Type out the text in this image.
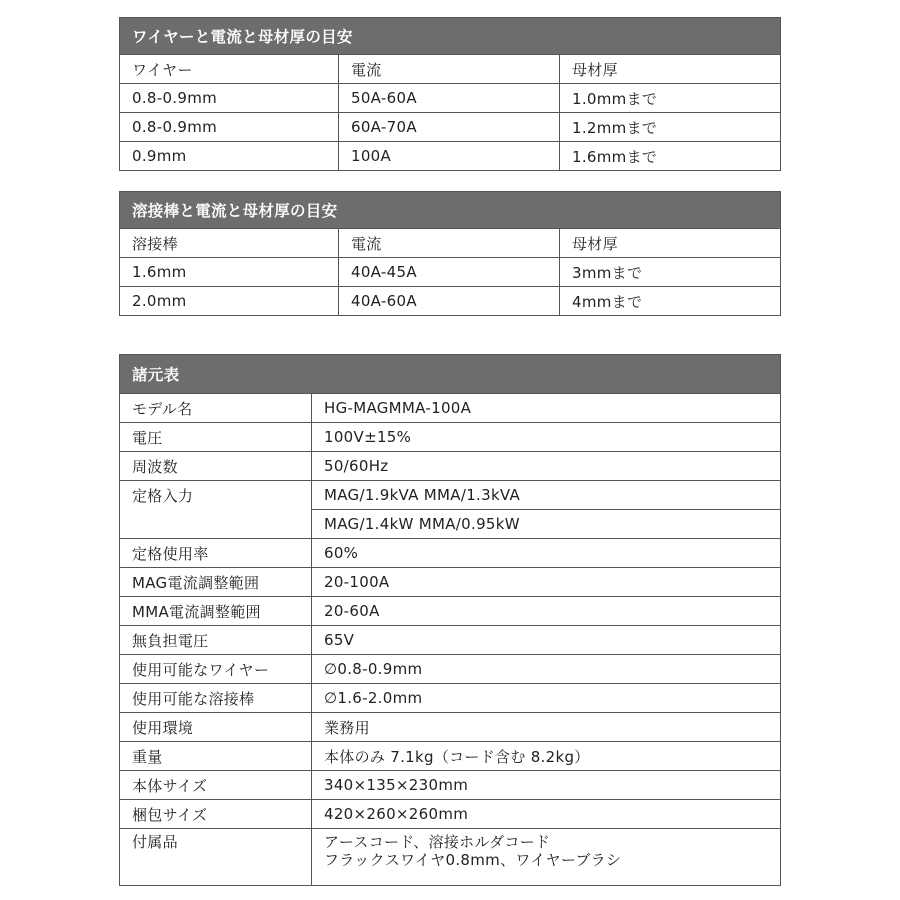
ワイヤーと電流と母材厚の目安		
ワイヤー	電流	母材厚
0.8-0.9mm	50A-60A	1.0mmまで
0.8-0.9mm	60A-70A	1.2mmまで
0.9mm	100A	1.6mmまで
溶接棒と電流と母材厚の目安		
溶接棒	電流	母材厚
1.6mm	40A-45A	3mmまで
2.0mm	40A-60A	4mmまで
諸元表	
モデル名	HG-MAGMMA-100A
電圧	100V±15%
周波数	50/60Hz
定格入力	MAG/1.9kVA MMA/1.3kVA
	MAG/1.4kW MMA/0.95kW
定格使用率	60%
MAG電流調整範囲	20-100A
MMA電流調整範囲	20-60A
無負担電圧	65V
使用可能なワイヤー	∅0.8-0.9mm
使用可能な溶接棒	∅1.6-2.0mm
使用環境	業務用
重量	本体のみ 7.1kg（コード含む 8.2kg）
本体サイズ	340×135×230mm
梱包サイズ	420×260×260mm
付属品	アースコード、溶接ホルダコード
フラックスワイヤ0.8mm、ワイヤーブラシ
